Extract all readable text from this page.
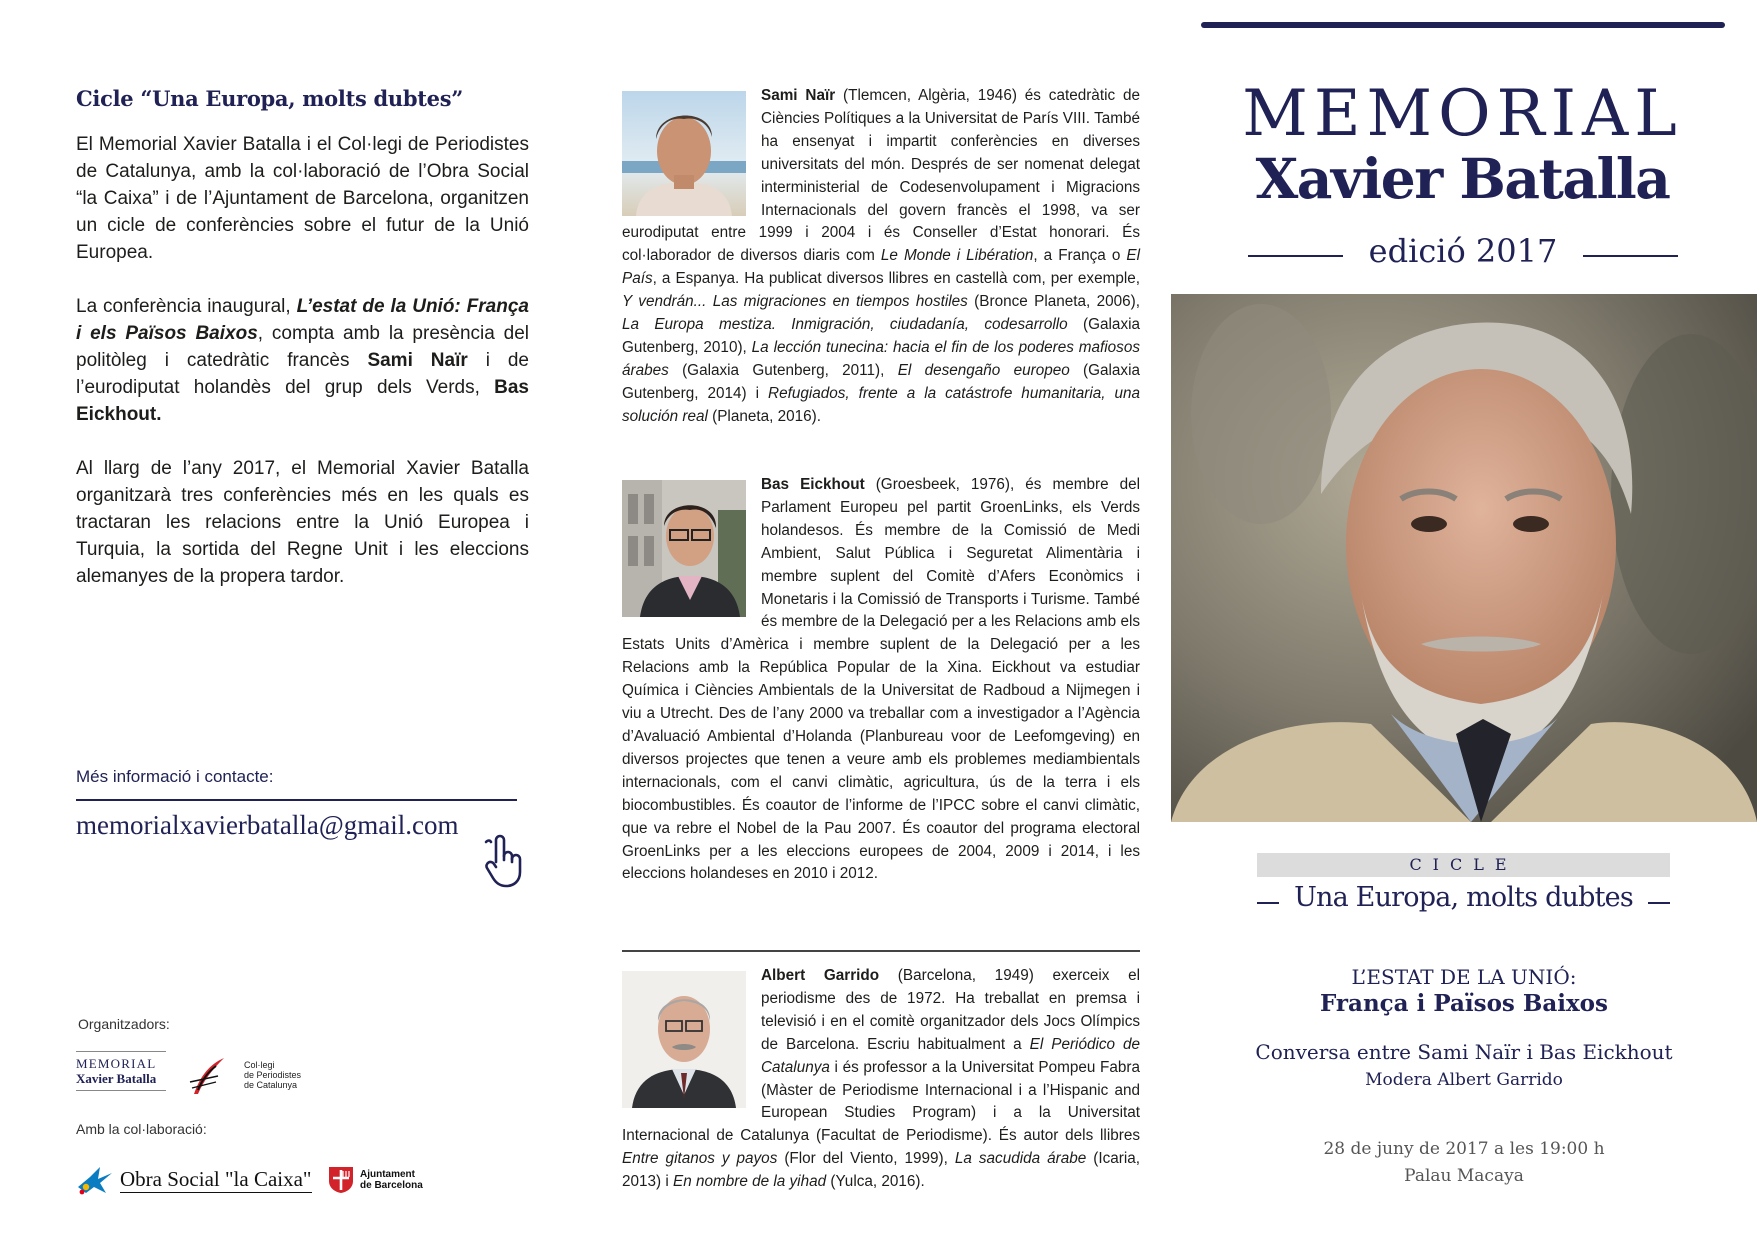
Cicle “Una Europa, molts dubtes”

El Memorial Xavier Batalla i el Col·legi de Periodistes de Catalunya, amb la col·laboració de l’Obra Social “la Caixa” i de l’Ajuntament de Barcelona, organitzen un cicle de conferències sobre el futur de la Unió Europea.

La conferència inaugural, L’estat de la Unió: França i els Països Baixos, compta amb la presència del politòleg i catedràtic francès Sami Naïr i de l’eurodiputat holandès del grup dels Verds, Bas Eickhout.

Al llarg de l’any 2017, el Memorial Xavier Batalla organitzarà tres conferències més en les quals es tractaran les relacions entre la Unió Europea i Turquia, la sortida del Regne Unit i les eleccions alemanyes de la propera tardor.

Més informació i contacte:
memorialxavierbatalla@gmail.com
Organitzadors:
MEMORIAL
Xavier Batalla
Col·legi
de Periodistes
de Catalunya
Amb la col·laboració:
Obra Social "la Caixa"	Ajuntament
de Barcelona
Sami Naïr (Tlemcen, Algèria, 1946) és catedràtic de Ciències Polítiques a la Universitat de París VIII. També ha ensenyat i impartit conferències en diverses universitats del món. Després de ser nomenat delegat interministerial de Codesenvolupament i Migracions Internacionals del govern francès el 1998, va ser eurodiputat entre 1999 i 2004 i és Conseller d’Estat honorari. És col·laborador de diversos diaris com Le Monde i Libération, a França o El País, a Espanya. Ha publicat diversos llibres en castellà com, per exemple, Y vendrán... Las migraciones en tiempos hostiles (Bronce Planeta, 2006), La Europa mestiza. Inmigración, ciudadanía, codesarrollo (Galaxia Gutenberg, 2010), La lección tunecina: hacia el fin de los poderes mafiosos árabes (Galaxia Gutenberg, 2011), El desengaño europeo (Galaxia Gutenberg, 2014) i Refugiados, frente a la catástrofe humanitaria, una solución real (Planeta, 2016).
Bas Eickhout (Groesbeek, 1976), és membre del Parlament Europeu pel partit GroenLinks, els Verds holandesos. És membre de la Comissió de Medi Ambient, Salut Pública i Seguretat Alimentària i membre suplent del Comitè d’Afers Econòmics i Monetaris i la Comissió de Transports i Turisme. També és membre de la Delegació per a les Relacions amb els Estats Units d’Amèrica i membre suplent de la Delegació per a les Relacions amb la República Popular de la Xina. Eickhout va estudiar Química i Ciències Ambientals de la Universitat de Radboud a Nijmegen i viu a Utrecht. Des de l’any 2000 va treballar com a investigador a l’Agència d’Avaluació Ambiental d’Holanda (Planbureau voor de Leefomgeving) en diversos projectes que tenen a veure amb els problemes mediambientals internacionals, com el canvi climàtic, agricultura, ús de la terra i els biocombustibles. És coautor de l’informe de l’IPCC sobre el canvi climàtic, que va rebre el Nobel de la Pau 2007. És coautor del programa electoral GroenLinks per a les eleccions europees de 2004, 2009 i 2014, i les eleccions holandeses en 2010 i 2012.
Albert Garrido (Barcelona, 1949) exerceix el periodisme des de 1972. Ha treballat en premsa i televisió i en el comitè organitzador dels Jocs Olímpics de Barcelona. Escriu habitualment a El Periódico de Catalunya i és professor a la Universitat Pompeu Fabra (Màster de Periodisme Internacional i a l’Hispanic and European Studies Program) i a la Universitat Internacional de Catalunya (Facultat de Periodisme). És autor dels llibres Entre gitanos y payos (Flor del Viento, 1999), La sacudida árabe (Icaria, 2013) i En nombre de la yihad (Yulca, 2016).
MEMORIAL
Xavier Batalla
edició 2017
CICLE
Una Europa, molts dubtes
L’ESTAT DE LA UNIÓ:
França i Països Baixos
Conversa entre Sami Naïr i Bas Eickhout
Modera Albert Garrido
28 de juny de 2017 a les 19:00 h
Palau Macaya
